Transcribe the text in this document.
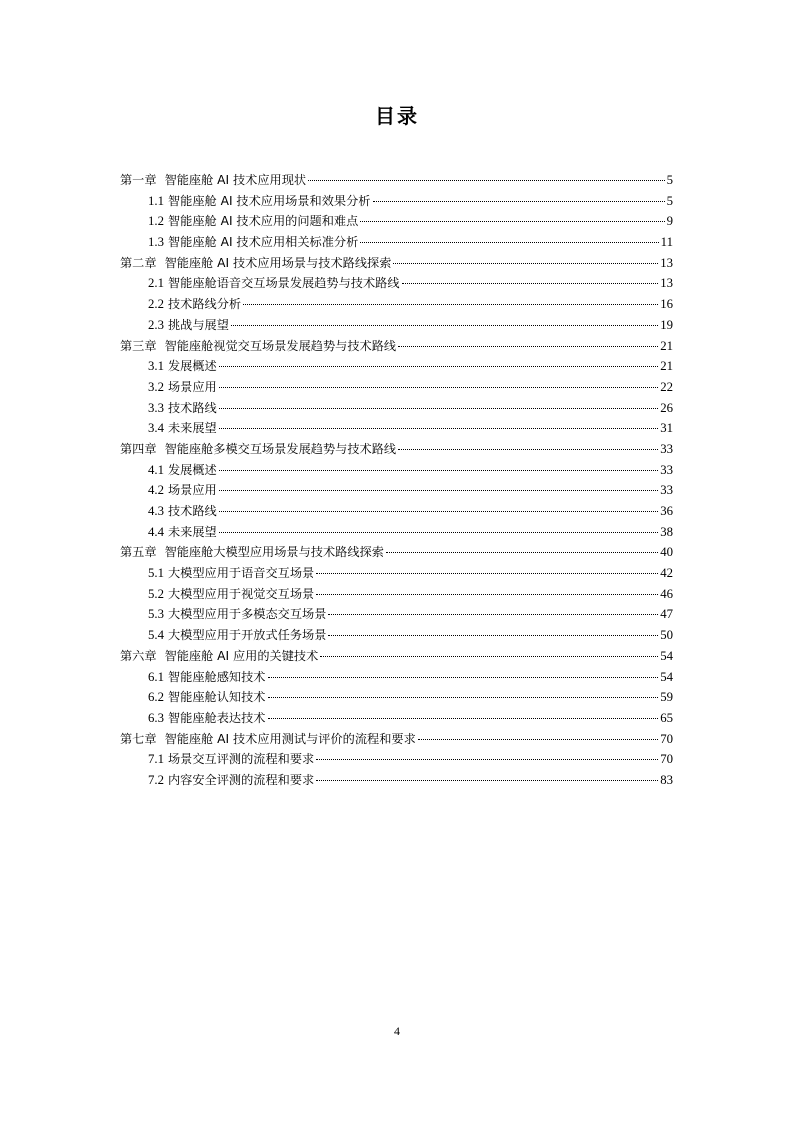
目录
第一章 智能座舱 AI 技术应用现状	5
1.1 智能座舱 AI 技术应用场景和效果分析	5
1.2 智能座舱 AI 技术应用的问题和难点	9
1.3 智能座舱 AI 技术应用相关标准分析	11
第二章 智能座舱 AI 技术应用场景与技术路线探索	13
2.1 智能座舱语音交互场景发展趋势与技术路线	13
2.2 技术路线分析	16
2.3 挑战与展望	19
第三章 智能座舱视觉交互场景发展趋势与技术路线	21
3.1 发展概述	21
3.2 场景应用	22
3.3 技术路线	26
3.4 未来展望	31
第四章 智能座舱多模交互场景发展趋势与技术路线	33
4.1 发展概述	33
4.2 场景应用	33
4.3 技术路线	36
4.4 未来展望	38
第五章 智能座舱大模型应用场景与技术路线探索	40
5.1 大模型应用于语音交互场景	42
5.2 大模型应用于视觉交互场景	46
5.3 大模型应用于多模态交互场景	47
5.4 大模型应用于开放式任务场景	50
第六章 智能座舱 AI 应用的关键技术	54
6.1 智能座舱感知技术	54
6.2 智能座舱认知技术	59
6.3 智能座舱表达技术	65
第七章 智能座舱 AI 技术应用测试与评价的流程和要求	70
7.1 场景交互评测的流程和要求	70
7.2 内容安全评测的流程和要求	83
4
